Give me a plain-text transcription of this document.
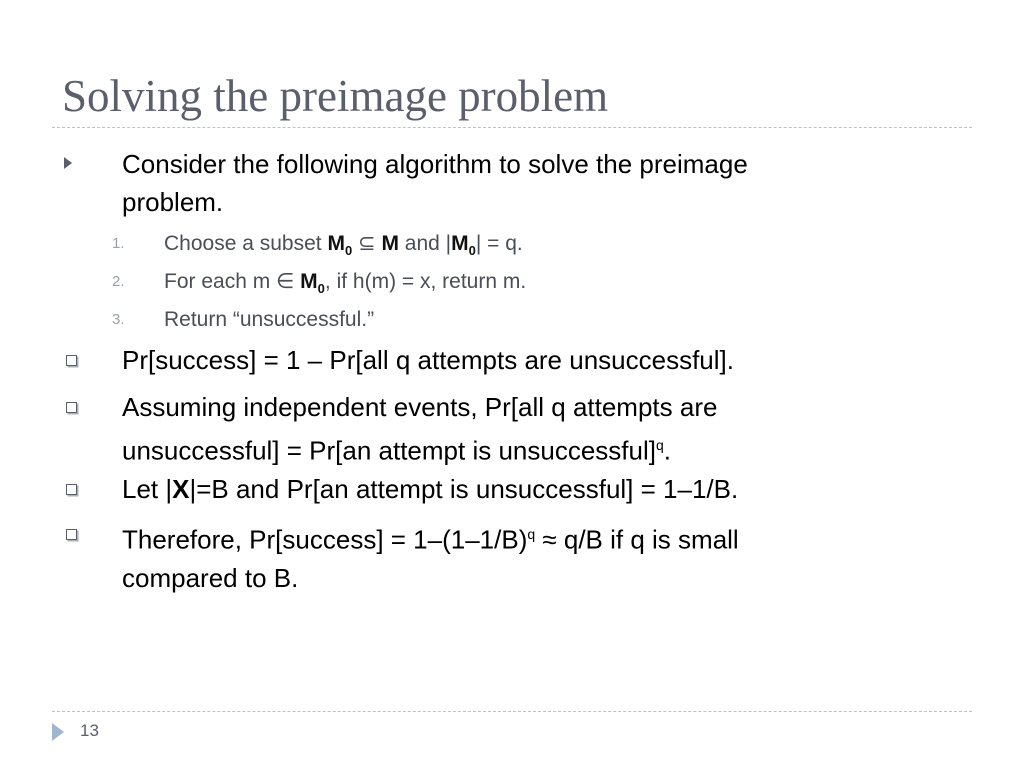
Solving the preimage problem
Consider the following algorithm to solve the preimage
problem.
1. Choose a subset $M_0$ ⊆ M and $|M_0| = q$.
2. For each m ∈ $M_0$, if h(m) = x, return m.
3. Return “unsuccessful.”
Pr[success] = 1 – Pr[all q attempts are unsuccessful].
Assuming independent events, Pr[all q attempts are
unsuccessful] = Pr[an attempt is unsuccessful]$^q$.
Let |X|=B and Pr[an attempt is unsuccessful] = 1–1/B.
Therefore, Pr[success] = $1-(1-1/B)^q \approx q/B$ if q is small
compared to B.
13
